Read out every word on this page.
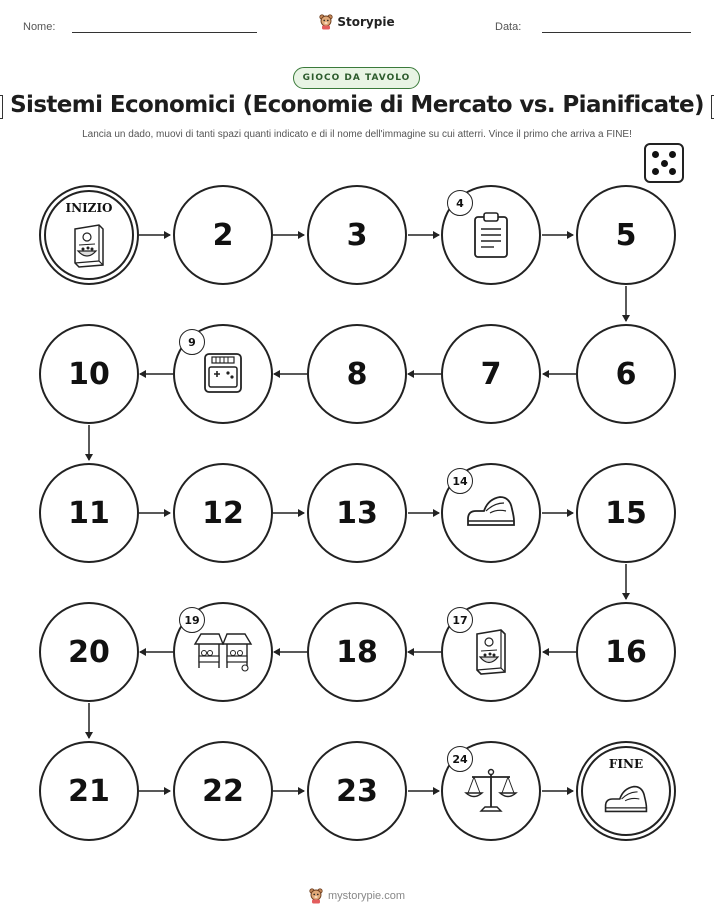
Nome:	Storypie	Data:
GIOCO DA TAVOLO
Sistemi Economici (Economie di Mercato vs. Pianificate)
Lancia un dado, muovi di tanti spazi quanti indicato e di il nome dell'immagine su cui atterri. Vince il primo che arriva a FINE!
INIZIO
2	3
4
5
10
9
8	7	6
11	12	13
14
15
20
19
18
17
16
21	22	23
24	FINE
mystorypie.com
